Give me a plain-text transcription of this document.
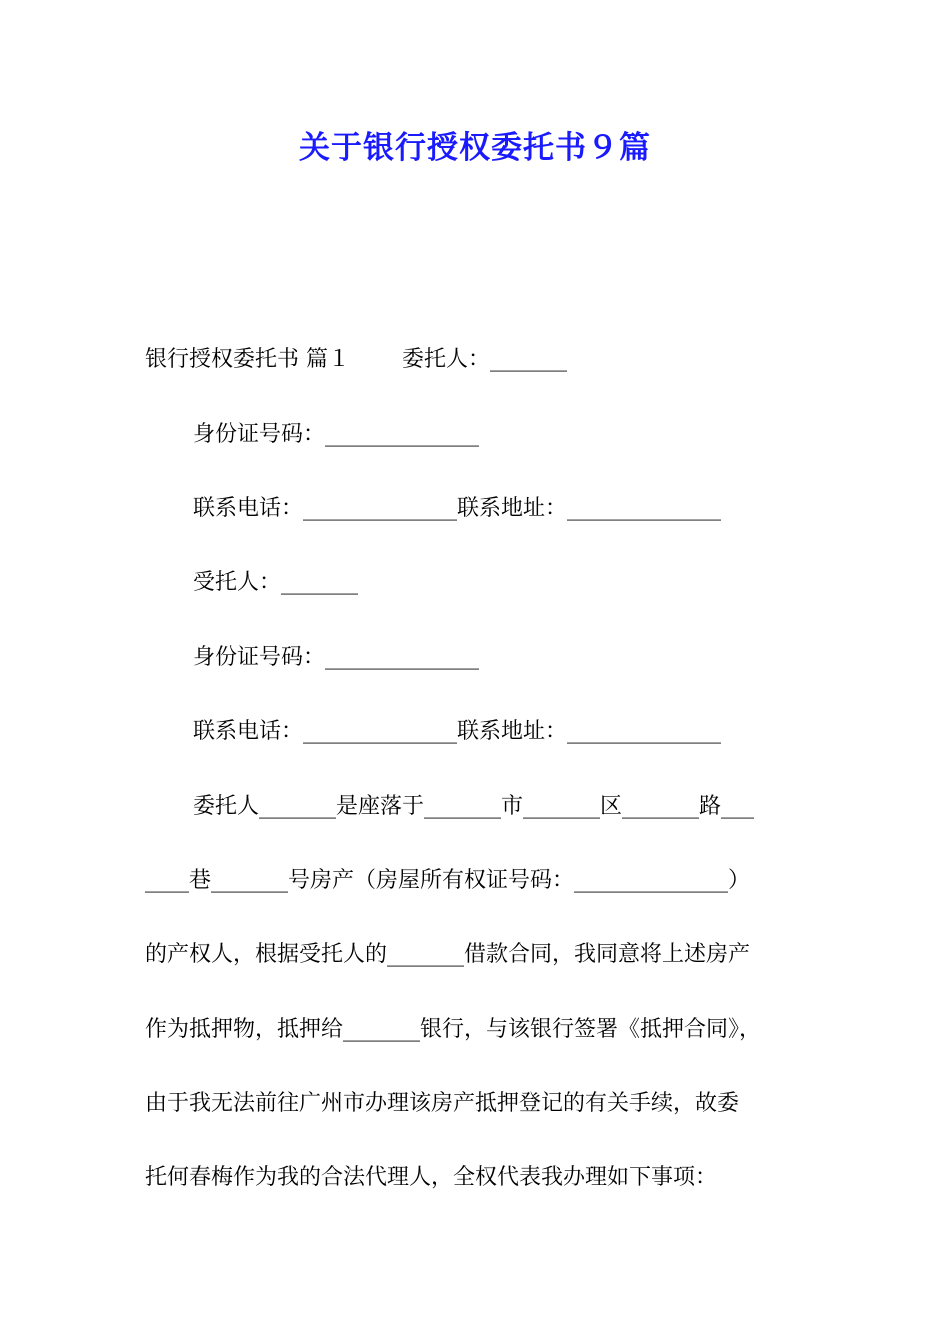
关于银行授权委托书９篇
银行授权委托书 篇１ 委托人：_______
身份证号码：______________
联系电话：______________联系地址：______________
受托人：_______
身份证号码：______________
联系电话：______________联系地址：______________
委托人_______是座落于_______市_______区_______路___
____巷_______号房产（房屋所有权证号码：______________）
的产权人，根据受托人的_______借款合同，我同意将上述房产
作为抵押物，抵押给_______银行，与该银行签署《抵押合同》，
由于我无法前往广州市办理该房产抵押登记的有关手续，故委
托何春梅作为我的合法代理人，全权代表我办理如下事项：
